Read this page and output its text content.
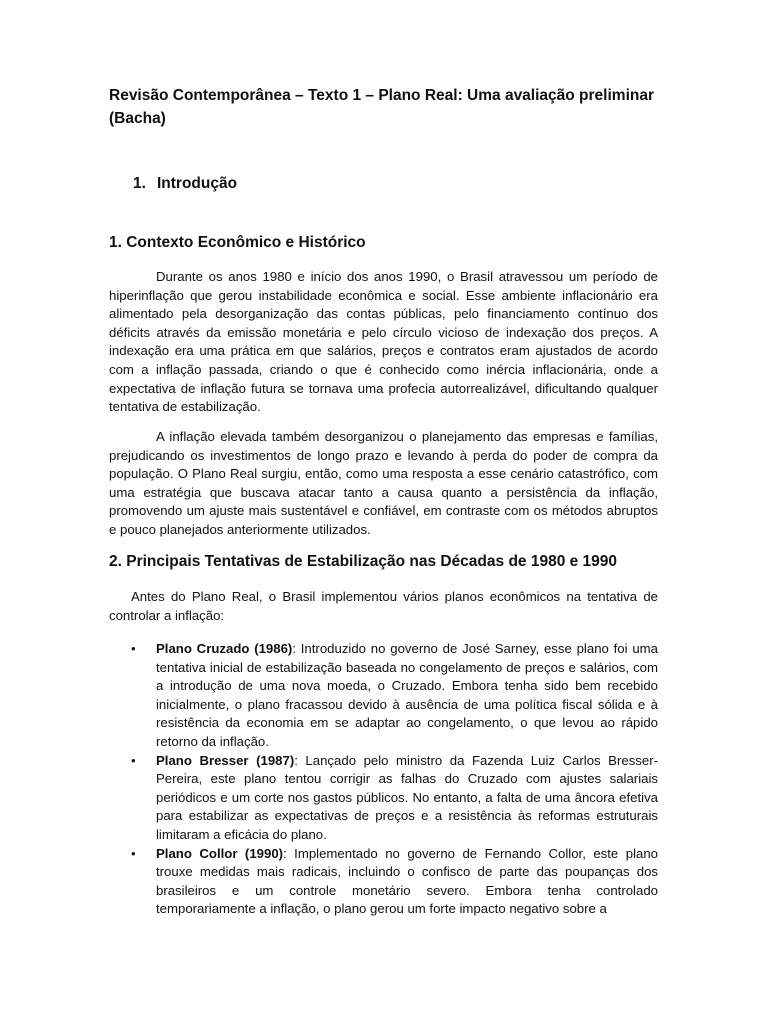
Revisão Contemporânea – Texto 1 – Plano Real: Uma avaliação preliminar (Bacha)
1. Introdução
1. Contexto Econômico e Histórico

Durante os anos 1980 e início dos anos 1990, o Brasil atravessou um período de hiperinflação que gerou instabilidade econômica e social. Esse ambiente inflacionário era alimentado pela desorganização das contas públicas, pelo financiamento contínuo dos déficits através da emissão monetária e pelo círculo vicioso de indexação dos preços. A indexação era uma prática em que salários, preços e contratos eram ajustados de acordo com a inflação passada, criando o que é conhecido como inércia inflacionária, onde a expectativa de inflação futura se tornava uma profecia autorrealizável, dificultando qualquer tentativa de estabilização.

A inflação elevada também desorganizou o planejamento das empresas e famílias, prejudicando os investimentos de longo prazo e levando à perda do poder de compra da população. O Plano Real surgiu, então, como uma resposta a esse cenário catastrófico, com uma estratégia que buscava atacar tanto a causa quanto a persistência da inflação, promovendo um ajuste mais sustentável e confiável, em contraste com os métodos abruptos e pouco planejados anteriormente utilizados.

2. Principais Tentativas de Estabilização nas Décadas de 1980 e 1990

Antes do Plano Real, o Brasil implementou vários planos econômicos na tentativa de controlar a inflação:

• Plano Cruzado (1986): Introduzido no governo de José Sarney, esse plano foi uma tentativa inicial de estabilização baseada no congelamento de preços e salários, com a introdução de uma nova moeda, o Cruzado. Embora tenha sido bem recebido inicialmente, o plano fracassou devido à ausência de uma política fiscal sólida e à resistência da economia em se adaptar ao congelamento, o que levou ao rápido retorno da inflação.
• Plano Bresser (1987): Lançado pelo ministro da Fazenda Luiz Carlos Bresser-Pereira, este plano tentou corrigir as falhas do Cruzado com ajustes salariais periódicos e um corte nos gastos públicos. No entanto, a falta de uma âncora efetiva para estabilizar as expectativas de preços e a resistência às reformas estruturais limitaram a eficácia do plano.
• Plano Collor (1990): Implementado no governo de Fernando Collor, este plano trouxe medidas mais radicais, incluindo o confisco de parte das poupanças dos brasileiros e um controle monetário severo. Embora tenha controlado temporariamente a inflação, o plano gerou um forte impacto negativo sobre a
